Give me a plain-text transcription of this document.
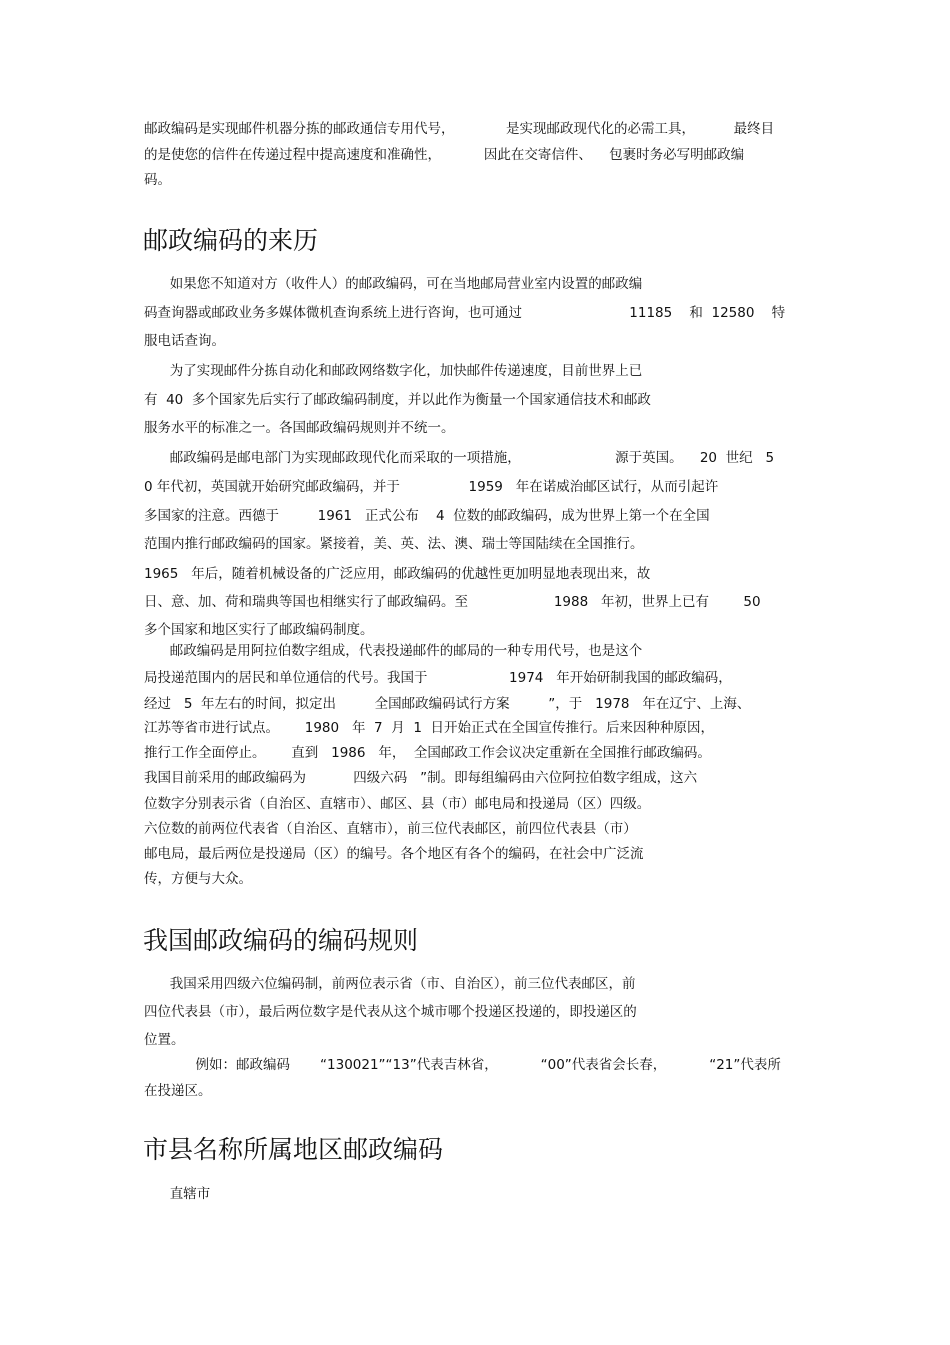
邮政编码是实现邮件机器分拣的邮政通信专用代号，            是实现邮政现代化的必需工具，         最终目
的是使您的信件在传递过程中提高速度和准确性，          因此在交寄信件、    包裹时务必写明邮政编
码。
邮政编码的来历
如果您不知道对方（收件人）的邮政编码，可在当地邮局营业室内设置的邮政编
码查询器或邮政业务多媒体微机查询系统上进行咨询，也可通过                         11185    和  12580    特
服电话查询。
为了实现邮件分拣自动化和邮政网络数字化，加快邮件传递速度，目前世界上已
有  40  多个国家先后实行了邮政编码制度，并以此作为衡量一个国家通信技术和邮政
服务水平的标准之一。各国邮政编码规则并不统一。
邮政编码是邮电部门为实现邮政现代化而采取的一项措施，                      源于英国。    20  世纪   5
0 年代初，英国就开始研究邮政编码，并于                1959   年在诺威治邮区试行，从而引起许
多国家的注意。西德于         1961   正式公布    4  位数的邮政编码，成为世界上第一个在全国
范围内推行邮政编码的国家。紧接着，美、英、法、澳、瑞士等国陆续在全国推行。
1965   年后，随着机械设备的广泛应用，邮政编码的优越性更加明显地表现出来，故
日、意、加、荷和瑞典等国也相继实行了邮政编码。至                    1988   年初，世界上已有        50
多个国家和地区实行了邮政编码制度。
邮政编码是用阿拉伯数字组成，代表投递邮件的邮局的一种专用代号，也是这个
局投递范围内的居民和单位通信的代号。我国于                   1974   年开始研制我国的邮政编码，
经过   5  年左右的时间，拟定出         全国邮政编码试行方案         ”，于   1978   年在辽宁、上海、
江苏等省市进行试点。      1980   年  7  月  1  日开始正式在全国宣传推行。后来因种种原因，
推行工作全面停止。      直到   1986   年，  全国邮政工作会议决定重新在全国推行邮政编码。
我国目前采用的邮政编码为           四级六码   ”制。即每组编码由六位阿拉伯数字组成，这六
位数字分别表示省（自治区、直辖市）、邮区、县（市）邮电局和投递局（区）四级。
六位数的前两位代表省（自治区、直辖市），前三位代表邮区，前四位代表县（市）
邮电局，最后两位是投递局（区）的编号。各个地区有各个的编码，在社会中广泛流
传，方便与大众。
我国邮政编码的编码规则
我国采用四级六位编码制，前两位表示省（市、自治区），前三位代表邮区，前
四位代表县（市），最后两位数字是代表从这个城市哪个投递区投递的，即投递区的
位置。
例如：邮政编码       “130021”“13”代表吉林省，          “00”代表省会长春，          “21”代表所
在投递区。
市县名称所属地区邮政编码
直辖市
